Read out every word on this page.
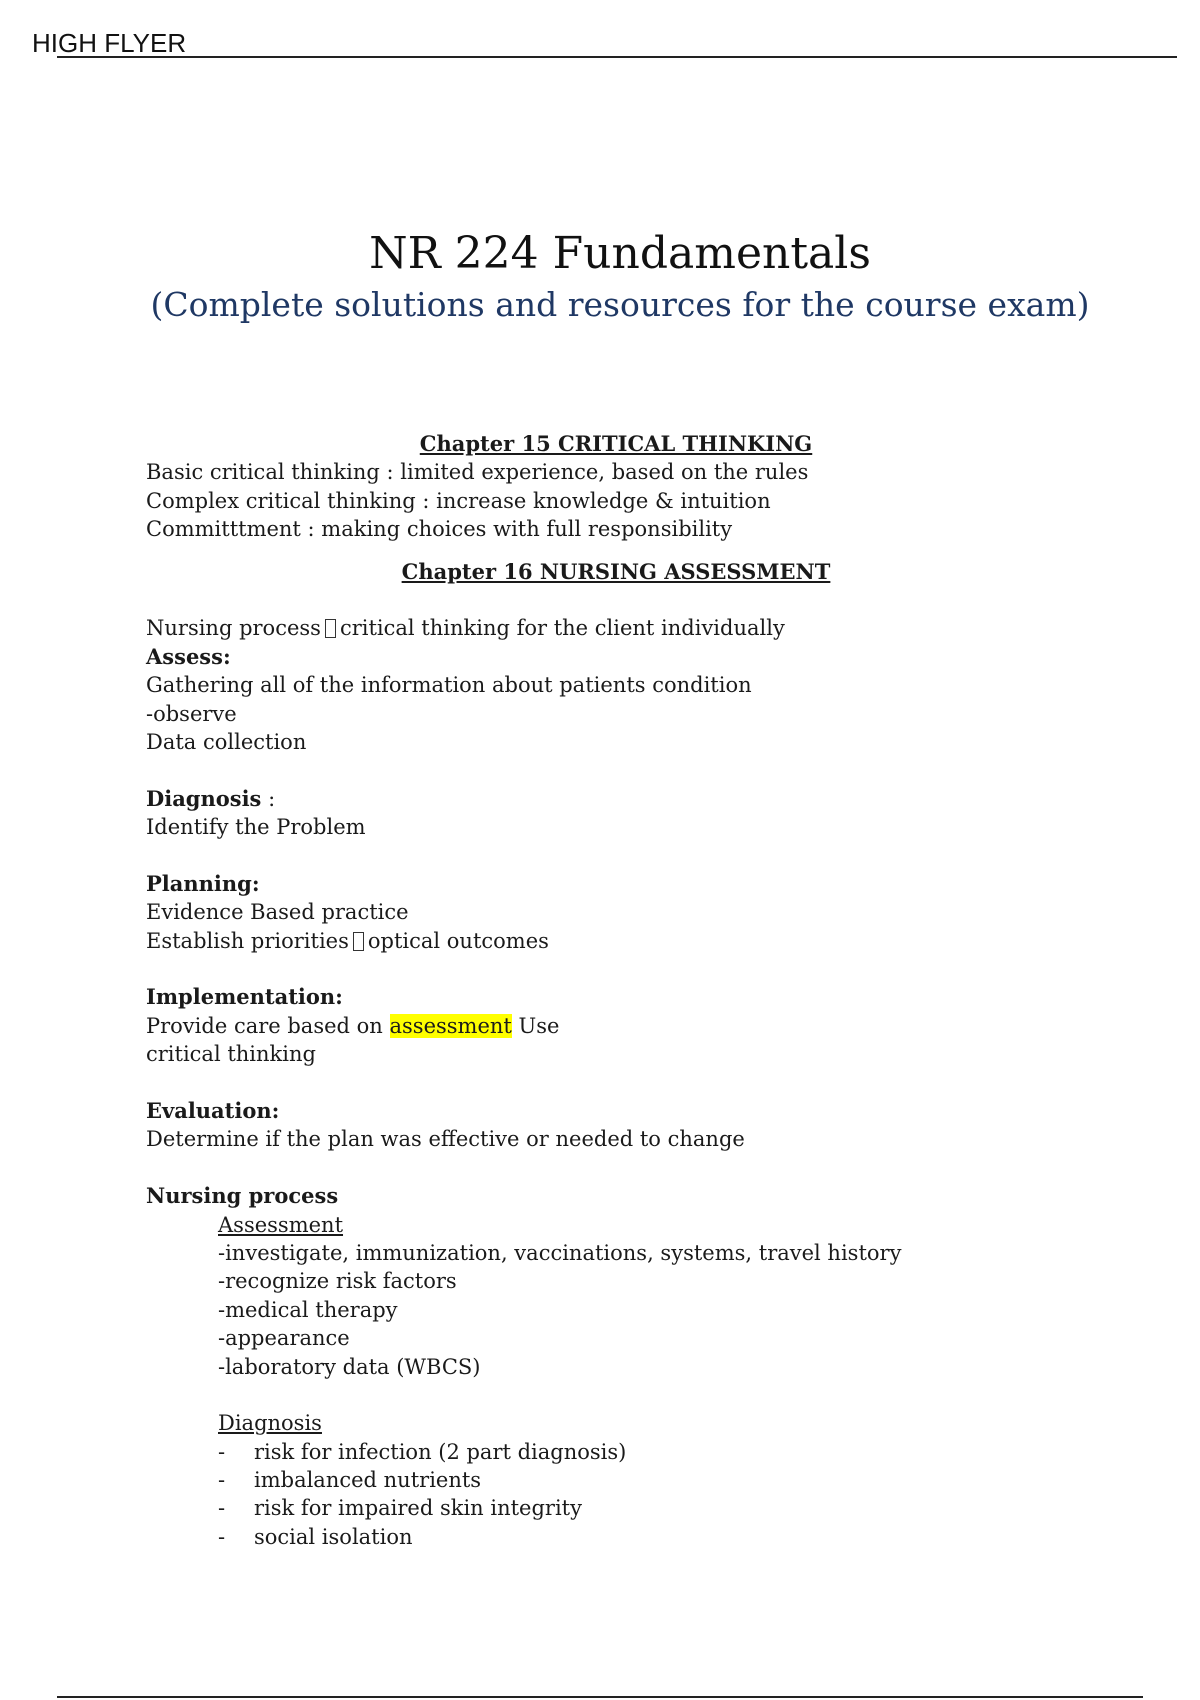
HIGH FLYER
NR 224 Fundamentals
(Complete solutions and resources for the course exam)
Chapter 15 CRITICAL THINKING
Basic critical thinking : limited experience, based on the rules
Complex critical thinking : increase knowledge & intuition
Committtment : making choices with full responsibility
Chapter 16 NURSING ASSESSMENT
Nursing process critical thinking for the client individually
Assess:
Gathering all of the information about patients condition
-observe
Data collection
Diagnosis :
Identify the Problem
Planning:
Evidence Based practice
Establish priorities optical outcomes
Implementation:
Provide care based on assessment Use
critical thinking
Evaluation:
Determine if the plan was effective or needed to change
Nursing process
Assessment
-investigate, immunization, vaccinations, systems, travel history
-recognize risk factors
-medical therapy
-appearance
-laboratory data (WBCS)
Diagnosis
-	risk for infection (2 part diagnosis)
-	imbalanced nutrients
-	risk for impaired skin integrity
-	social isolation
